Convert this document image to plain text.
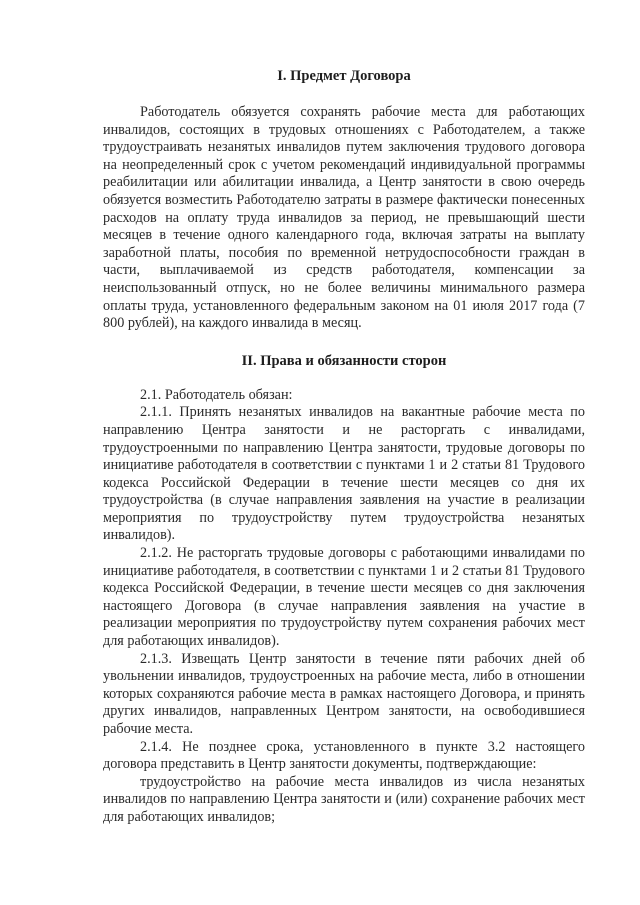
I. Предмет Договора

Работодатель обязуется сохранять рабочие места для работающих инвалидов, состоящих в трудовых отношениях с Работодателем, а также трудоустраивать незанятых инвалидов путем заключения трудового договора на неопределенный срок с учетом рекомендаций индивидуальной программы реабилитации или абилитации инвалида, а Центр занятости в свою очередь обязуется возместить Работодателю затраты в размере фактически понесенных расходов на оплату труда инвалидов за период, не превышающий шести месяцев в течение одного календарного года, включая затраты на выплату заработной платы, пособия по временной нетрудоспособности граждан в части, выплачиваемой из средств работодателя, компенсации за неиспользованный отпуск, но не более величины минимального размера оплаты труда, установленного федеральным законом на 01 июля 2017 года (7 800 рублей), на каждого инвалида в месяц.

II. Права и обязанности сторон

2.1. Работодатель обязан:

2.1.1. Принять незанятых инвалидов на вакантные рабочие места по направлению Центра занятости и не расторгать с инвалидами, трудоустроенными по направлению Центра занятости, трудовые договоры по инициативе работодателя в соответствии с пунктами 1 и 2 статьи 81 Трудового кодекса Российской Федерации в течение шести месяцев со дня их трудоустройства (в случае направления заявления на участие в реализации мероприятия по трудоустройству путем трудоустройства незанятых инвалидов).

2.1.2. Не расторгать трудовые договоры с работающими инвалидами по инициативе работодателя, в соответствии с пунктами 1 и 2 статьи 81 Трудового кодекса Российской Федерации, в течение шести месяцев со дня заключения настоящего Договора (в случае направления заявления на участие в реализации мероприятия по трудоустройству путем сохранения рабочих мест для работающих инвалидов).

2.1.3. Извещать Центр занятости в течение пяти рабочих дней об увольнении инвалидов, трудоустроенных на рабочие места, либо в отношении которых сохраняются рабочие места в рамках настоящего Договора, и принять других инвалидов, направленных Центром занятости, на освободившиеся рабочие места.

2.1.4. Не позднее срока, установленного в пункте 3.2 настоящего договора представить в Центр занятости документы, подтверждающие:

трудоустройство на рабочие места инвалидов из числа незанятых инвалидов по направлению Центра занятости и (или) сохранение рабочих мест для работающих инвалидов;
